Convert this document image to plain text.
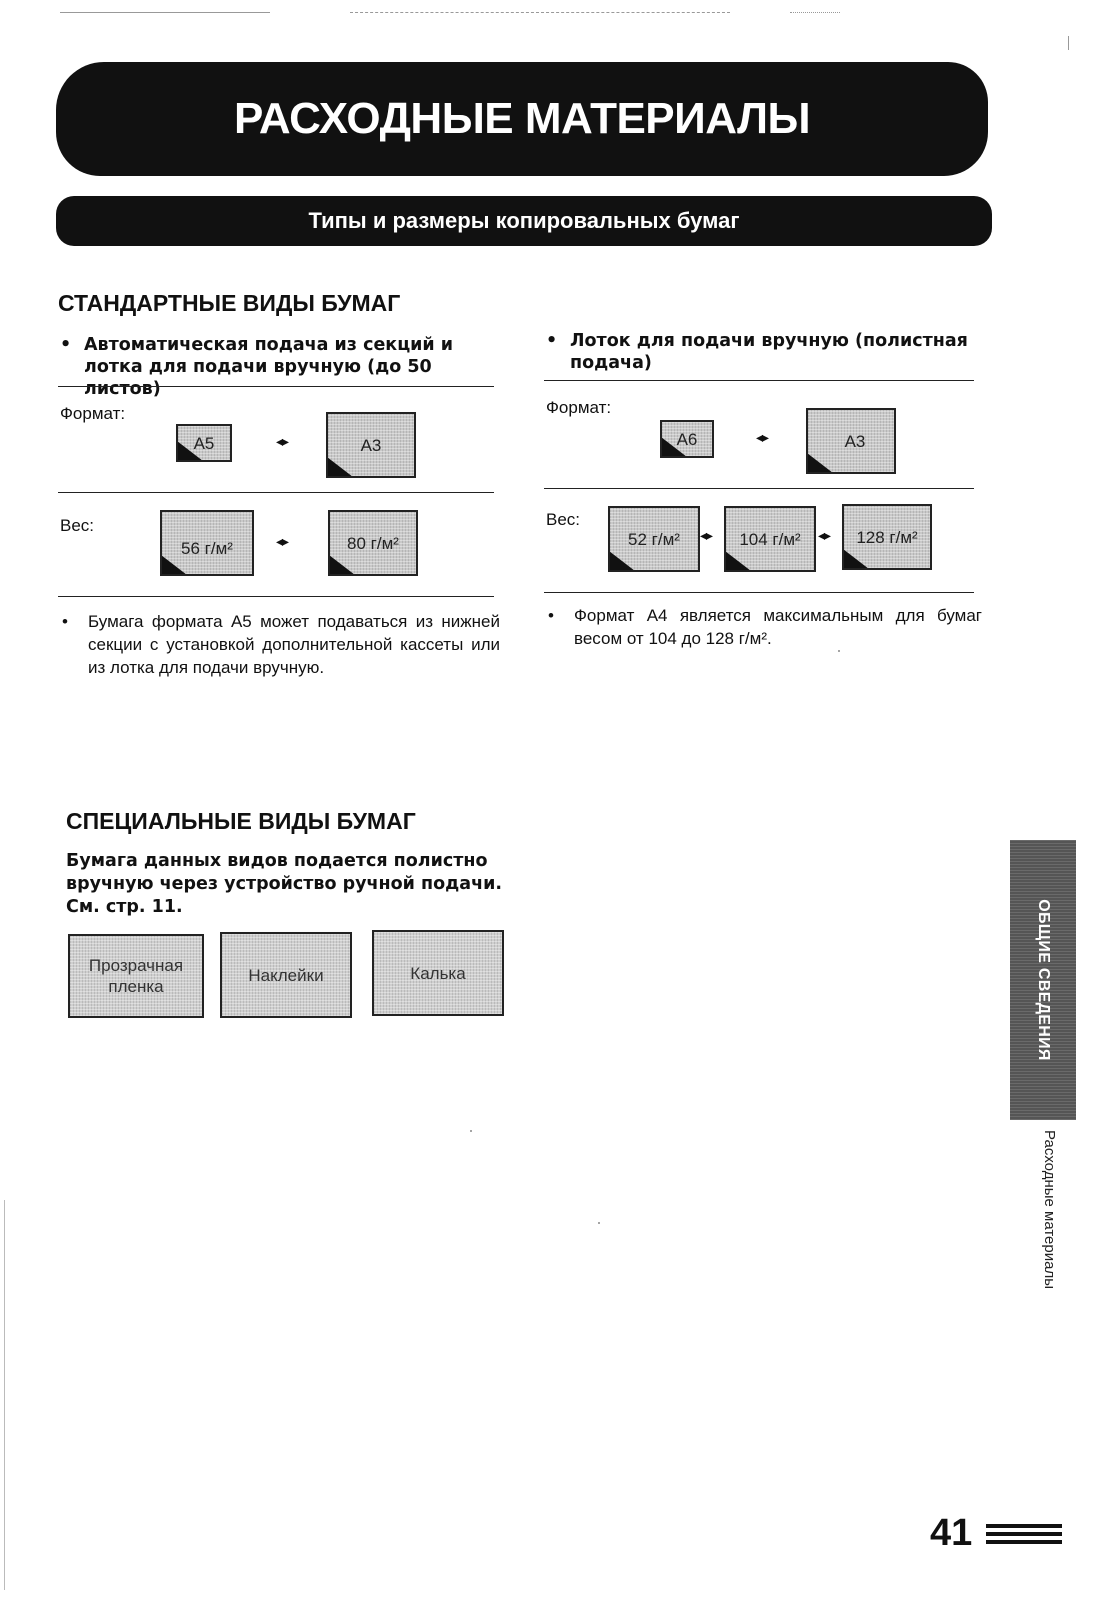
РАСХОДНЫЕ МАТЕРИАЛЫ
Типы и размеры копировальных бумаг
СТАНДАРТНЫЕ ВИДЫ БУМАГ
• Автоматическая подача из секций и лотка для подачи вручную (до 50 листов)
Формат:
A5	◂▸	A3
Вес:
56 г/м²	◂▸	80 г/м²
• Бумага формата A5 может подаваться из нижней секции с установкой дополнительной кассеты или из лотка для подачи вручную.
• Лоток для подачи вручную (полистная подача)
Формат:
A6	◂▸	A3
Вес:
52 г/м² ◂▸ 104 г/м² ◂▸ 128 г/м²
• Формат A4 является максимальным для бумаг весом от 104 до 128 г/м².
СПЕЦИАЛЬНЫЕ ВИДЫ БУМАГ
Бумага данных видов подается полистно вручную через устройство ручной подачи. См. стр. 11.
Прозрачная пленка
Наклейки	Калька	ОБЩИЕ СВЕДЕНИЯ
Расходные материалы
41
